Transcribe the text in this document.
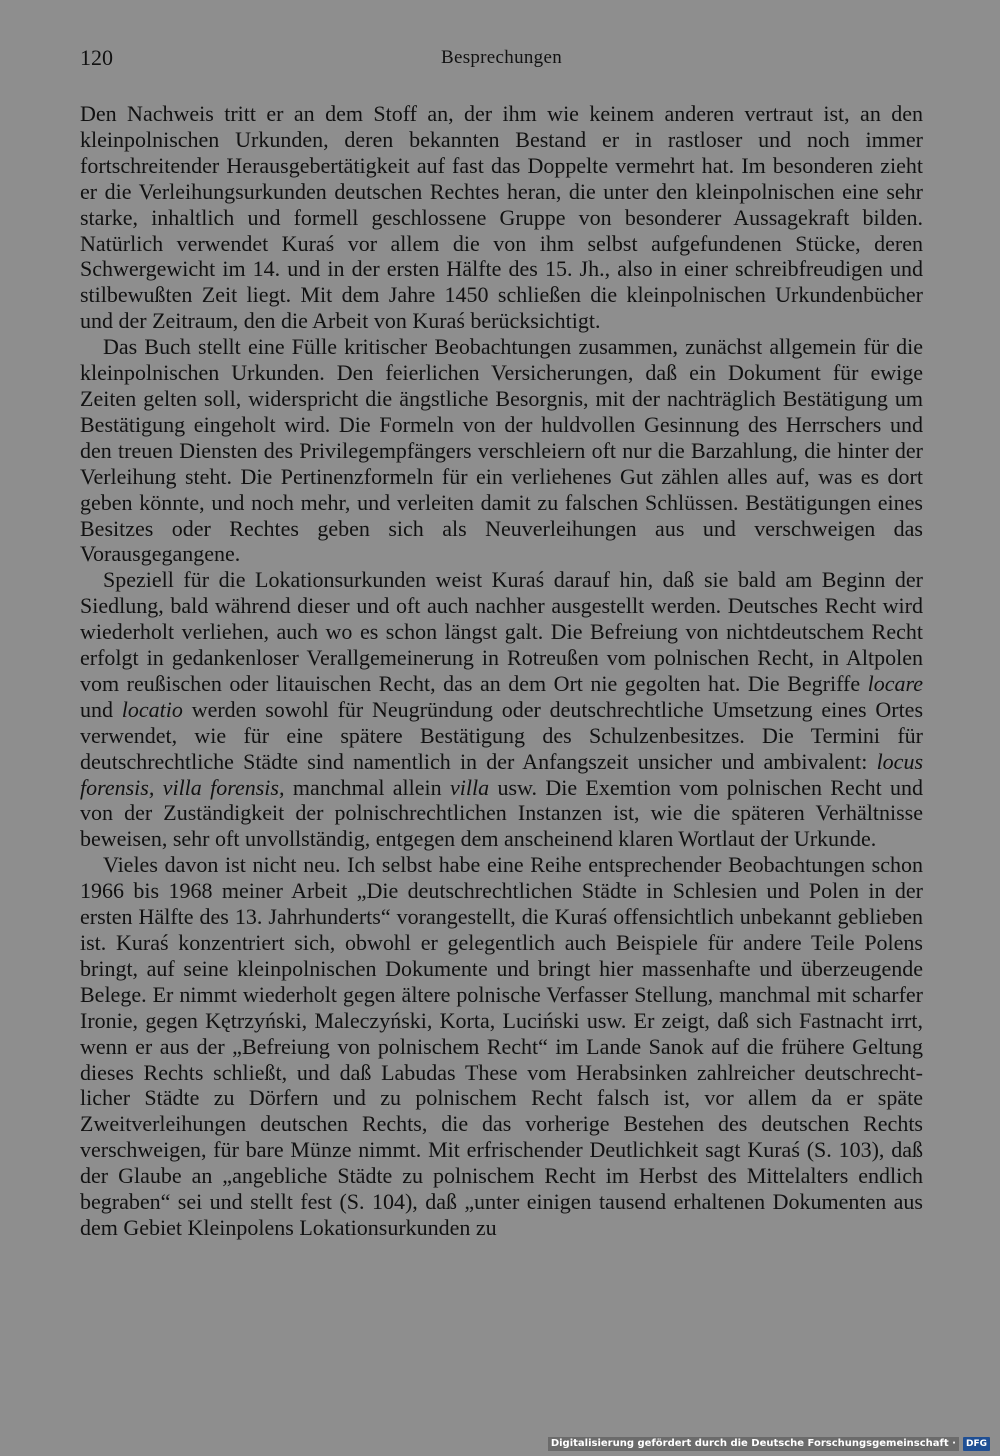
120	Besprechungen

Den Nachweis tritt er an dem Stoff an, der ihm wie keinem anderen vertraut ist, an den kleinpolnischen Urkunden, deren bekannten Bestand er in rastloser und noch immer fortschreitender Herausgebertätigkeit auf fast das Doppelte vermehrt hat. Im besonderen zieht er die Verleihungsurkunden deutschen Rechtes heran, die unter den kleinpolnischen eine sehr starke, inhaltlich und formell geschlossene Gruppe von besonderer Aussagekraft bilden. Natürlich verwendet Kuraś vor allem die von ihm selbst aufgefundenen Stücke, deren Schwergewicht im 14. und in der ersten Hälfte des 15. Jh., also in einer schreibfreudigen und stilbewußten Zeit liegt. Mit dem Jahre 1450 schließen die kleinpolnischen Urkundenbücher und der Zeitraum, den die Arbeit von Kuraś berücksichtigt.

Das Buch stellt eine Fülle kritischer Beobachtungen zusammen, zunächst allgemein für die kleinpolnischen Urkunden. Den feierlichen Versicherungen, daß ein Dokument für ewige Zeiten gelten soll, widerspricht die ängstliche Besorgnis, mit der nachträglich Bestätigung um Bestätigung eingeholt wird. Die Formeln von der huldvollen Gesinnung des Herrschers und den treuen Diensten des Privilegempfängers verschleiern oft nur die Barzahlung, die hinter der Verleihung steht. Die Pertinenzformeln für ein verliehenes Gut zählen alles auf, was es dort geben könnte, und noch mehr, und verleiten damit zu falschen Schlüssen. Bestätigungen eines Besitzes oder Rechtes geben sich als Neuverleihungen aus und verschweigen das Vorausgegangene.

Speziell für die Lokationsurkunden weist Kuraś darauf hin, daß sie bald am Beginn der Siedlung, bald während dieser und oft auch nachher ausgestellt werden. Deutsches Recht wird wiederholt verliehen, auch wo es schon längst galt. Die Befreiung von nichtdeutschem Recht erfolgt in gedankenloser Verallgemeinerung in Rotreußen vom polnischen Recht, in Altpolen vom reußischen oder litauischen Recht, das an dem Ort nie gegolten hat. Die Begriffe locare und locatio werden sowohl für Neugründung oder deutschrechtliche Umsetzung eines Ortes verwendet, wie für eine spätere Bestätigung des Schulzenbesitzes. Die Termini für deutschrechtliche Städte sind namentlich in der Anfangszeit unsicher und ambivalent: locus forensis, villa forensis, manchmal allein villa usw. Die Exemtion vom polnischen Recht und von der Zuständigkeit der polnischrechtlichen Instanzen ist, wie die späteren Verhältnisse beweisen, sehr oft unvollständig, entgegen dem anscheinend klaren Wortlaut der Urkunde.

Vieles davon ist nicht neu. Ich selbst habe eine Reihe entsprechender Beobachtungen schon 1966 bis 1968 meiner Arbeit „Die deutschrechtlichen Städte in Schlesien und Polen in der ersten Hälfte des 13. Jahrhunderts“ vorangestellt, die Kuraś offensichtlich unbekannt geblieben ist. Kuraś konzentriert sich, obwohl er gelegentlich auch Beispiele für andere Teile Polens bringt, auf seine kleinpolnischen Dokumente und bringt hier massenhafte und überzeugende Belege. Er nimmt wiederholt gegen ältere polnische Verfasser Stellung, manchmal mit scharfer Ironie, gegen Kętrzyński, Maleczyński, Korta, Luciński usw. Er zeigt, daß sich Fastnacht irrt, wenn er aus der „Befreiung von polnischem Recht“ im Lande Sanok auf die frühere Geltung dieses Rechts schließt, und daß Labudas These vom Herabsinken zahlreicher deutschrechtlicher Städte zu Dörfern und zu polnischem Recht falsch ist, vor allem da er späte Zweitverleihungen deutschen Rechts, die das vorherige Bestehen des deutschen Rechts verschweigen, für bare Münze nimmt. Mit erfrischender Deutlichkeit sagt Kuraś (S. 103), daß der Glaube an „angebliche Städte zu polnischem Recht im Herbst des Mittelalters endlich begraben“ sei und stellt fest (S. 104), daß „unter einigen tausend erhaltenen Dokumenten aus dem Gebiet Kleinpolens Lokationsurkunden zu

Digitalisierung gefördert durch die Deutsche Forschungsgemeinschaft ·	DFG
